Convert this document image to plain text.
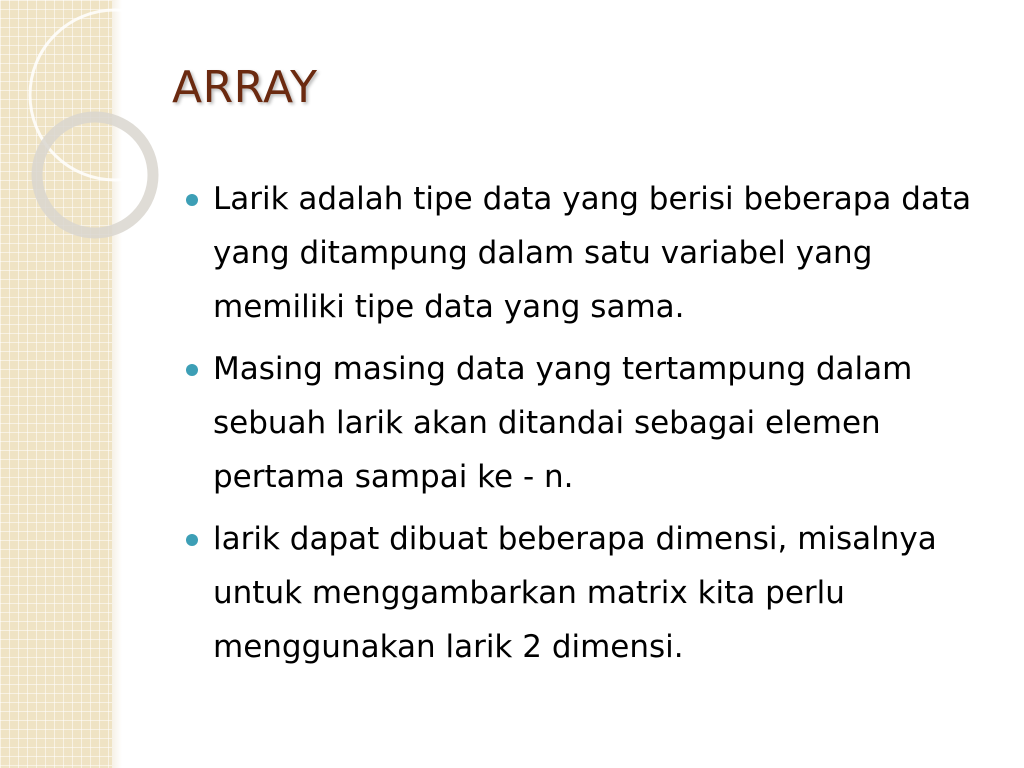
ARRAY
Larik adalah tipe data yang berisi beberapa data yang ditampung dalam satu variabel yang memiliki tipe data yang sama.
Masing masing data yang tertampung dalam sebuah larik akan ditandai sebagai elemen pertama sampai ke - n.
larik dapat dibuat beberapa dimensi, misalnya untuk menggambarkan matrix kita perlu menggunakan larik 2 dimensi.
